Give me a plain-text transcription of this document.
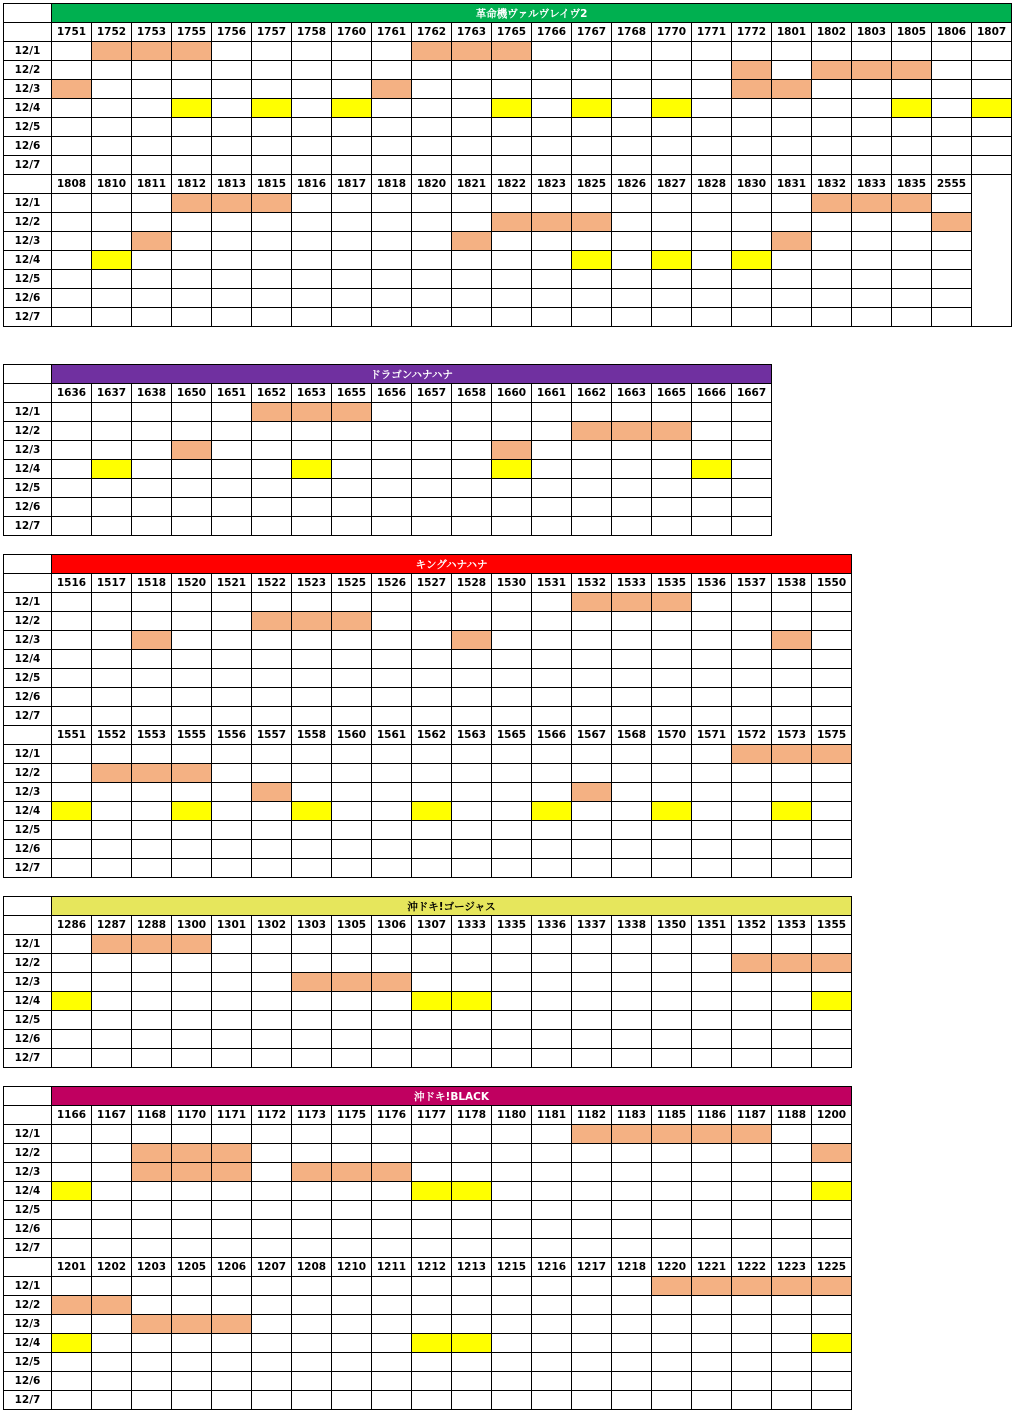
	革命機ヴァルヴレイヴ2																							
	1751	1752	1753	1755	1756	1757	1758	1760	1761	1762	1763	1765	1766	1767	1768	1770	1771	1772	1801	1802	1803	1805	1806	1807
12/1																								
12/2																								
12/3																								
12/4																								
12/5																								
12/6																								
12/7																								
	1808	1810	1811	1812	1813	1815	1816	1817	1818	1820	1821	1822	1823	1825	1826	1827	1828	1830	1831	1832	1833	1835	2555	
12/1																								
12/2																								
12/3																								
12/4																								
12/5																								
12/6																								
12/7																								
	ドラゴンハナハナ																	
	1636	1637	1638	1650	1651	1652	1653	1655	1656	1657	1658	1660	1661	1662	1663	1665	1666	1667
12/1																		
12/2																		
12/3																		
12/4																		
12/5																		
12/6																		
12/7																		
	キングハナハナ																			
	1516	1517	1518	1520	1521	1522	1523	1525	1526	1527	1528	1530	1531	1532	1533	1535	1536	1537	1538	1550
12/1																				
12/2																				
12/3																				
12/4																				
12/5																				
12/6																				
12/7																				
	1551	1552	1553	1555	1556	1557	1558	1560	1561	1562	1563	1565	1566	1567	1568	1570	1571	1572	1573	1575
12/1																				
12/2																				
12/3																				
12/4																				
12/5																				
12/6																				
12/7																				
	沖ドキ!ゴージャス																			
	1286	1287	1288	1300	1301	1302	1303	1305	1306	1307	1333	1335	1336	1337	1338	1350	1351	1352	1353	1355
12/1																				
12/2																				
12/3																				
12/4																				
12/5																				
12/6																				
12/7																				
	沖ドキ!BLACK																			
	1166	1167	1168	1170	1171	1172	1173	1175	1176	1177	1178	1180	1181	1182	1183	1185	1186	1187	1188	1200
12/1																				
12/2																				
12/3																				
12/4																				
12/5																				
12/6																				
12/7																				
	1201	1202	1203	1205	1206	1207	1208	1210	1211	1212	1213	1215	1216	1217	1218	1220	1221	1222	1223	1225
12/1																				
12/2																				
12/3																				
12/4																				
12/5																				
12/6																				
12/7																				
